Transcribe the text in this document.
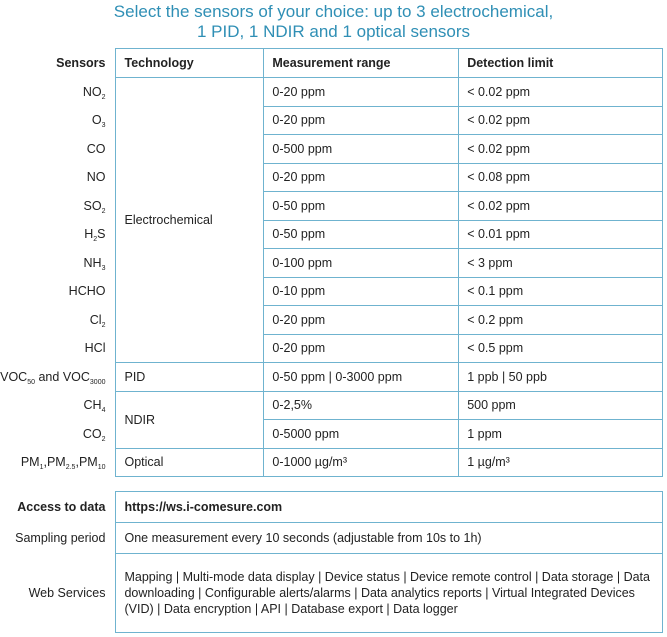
Select the sensors of your choice: up to 3 electrochemical,
1 PID, 1 NDIR and 1 optical sensors
Sensors	Technology	Measurement range	Detection limit
$NO_2$	Electrochemical	0-20 ppm	< 0.02 ppm
$O_3$		0-20 ppm	< 0.02 ppm
CO		0-500 ppm	< 0.02 ppm
NO		0-20 ppm	< 0.08 ppm
$SO_2$		0-50 ppm	< 0.02 ppm
$H_2S$		0-50 ppm	< 0.01 ppm
$NH_3$		0-100 ppm	< 3 ppm
HCHO		0-10 ppm	< 0.1 ppm
$Cl_2$		0-20 ppm	< 0.2 ppm
HCl		0-20 ppm	< 0.5 ppm
$VOC_{50}$ and $VOC_{3000}$	PID	0-50 ppm | 0-3000 ppm	1 ppb | 50 ppb
$CH_4$	NDIR	0-2,5%	500 ppm
$CO_2$		0-5000 ppm	1 ppm
$PM_1,PM_{2.5},PM_{10}$	Optical	0-1000 µg/m³	1 µg/m³
Access to data	https://ws.i-comesure.com
Sampling period	One measurement every 10 seconds (adjustable from 10s to 1h)
Web Services	Mapping | Multi-mode data display | Device status | Device remote control | Data storage | Data downloading | Configurable alerts/alarms | Data analytics reports | Virtual Integrated Devices (VID) | Data encryption | API | Database export | Data logger
